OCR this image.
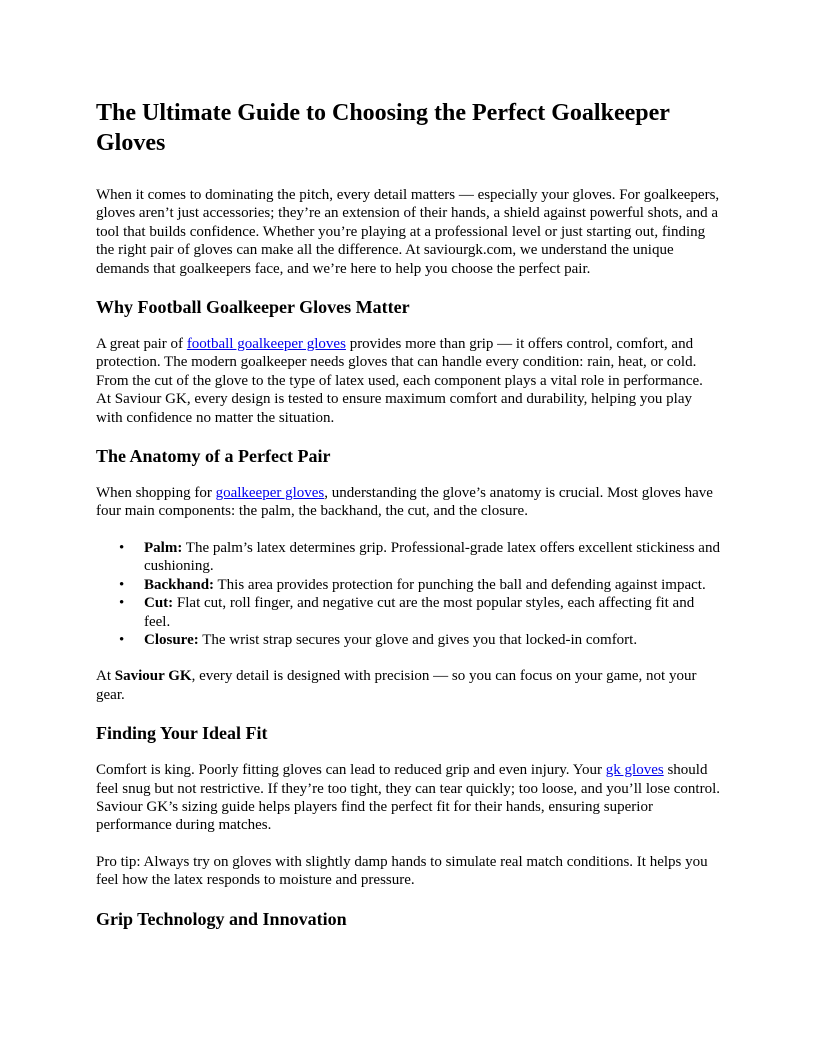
The Ultimate Guide to Choosing the Perfect Goalkeeper Gloves

When it comes to dominating the pitch, every detail matters — especially your gloves. For goalkeepers, gloves aren’t just accessories; they’re an extension of their hands, a shield against powerful shots, and a tool that builds confidence. Whether you’re playing at a professional level or just starting out, finding the right pair of gloves can make all the difference. At saviourgk.com, we understand the unique demands that goalkeepers face, and we’re here to help you choose the perfect pair.

Why Football Goalkeeper Gloves Matter

A great pair of football goalkeeper gloves provides more than grip — it offers control, comfort, and protection. The modern goalkeeper needs gloves that can handle every condition: rain, heat, or cold. From the cut of the glove to the type of latex used, each component plays a vital role in performance. At Saviour GK, every design is tested to ensure maximum comfort and durability, helping you play with confidence no matter the situation.

The Anatomy of a Perfect Pair

When shopping for goalkeeper gloves, understanding the glove’s anatomy is crucial. Most gloves have four main components: the palm, the backhand, the cut, and the closure.

• Palm: The palm’s latex determines grip. Professional-grade latex offers excellent stickiness and cushioning.
• Backhand: This area provides protection for punching the ball and defending against impact.
• Cut: Flat cut, roll finger, and negative cut are the most popular styles, each affecting fit and feel.
• Closure: The wrist strap secures your glove and gives you that locked-in comfort.

At Saviour GK, every detail is designed with precision — so you can focus on your game, not your gear.

Finding Your Ideal Fit

Comfort is king. Poorly fitting gloves can lead to reduced grip and even injury. Your gk gloves should feel snug but not restrictive. If they’re too tight, they can tear quickly; too loose, and you’ll lose control. Saviour GK’s sizing guide helps players find the perfect fit for their hands, ensuring superior performance during matches.

Pro tip: Always try on gloves with slightly damp hands to simulate real match conditions. It helps you feel how the latex responds to moisture and pressure.

Grip Technology and Innovation
